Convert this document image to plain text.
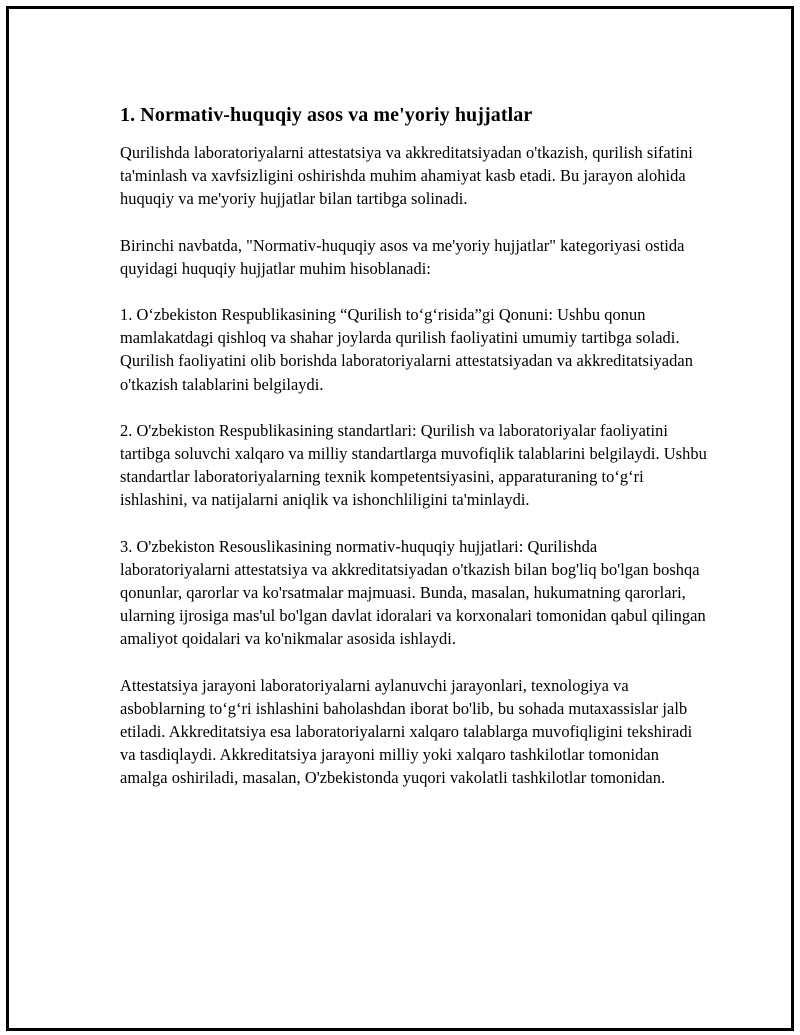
1. Normativ-huquqiy asos va me'yoriy hujjatlar

Qurilishda laboratoriyalarni attestatsiya va akkreditatsiyadan o'tkazish, qurilish sifatini ta'minlash va xavfsizligini oshirishda muhim ahamiyat kasb etadi. Bu jarayon alohida huquqiy va me'yoriy hujjatlar bilan tartibga solinadi.

Birinchi navbatda, "Normativ-huquqiy asos va me'yoriy hujjatlar" kategoriyasi ostida quyidagi huquqiy hujjatlar muhim hisoblanadi:

1. O‘zbekiston Respublikasining “Qurilish to‘g‘risida”gi Qonuni: Ushbu qonun mamlakatdagi qishloq va shahar joylarda qurilish faoliyatini umumiy tartibga soladi. Qurilish faoliyatini olib borishda laboratoriyalarni attestatsiyadan va akkreditatsiyadan o'tkazish talablarini belgilaydi.

2. O'zbekiston Respublikasining standartlari: Qurilish va laboratoriyalar faoliyatini tartibga soluvchi xalqaro va milliy standartlarga muvofiqlik talablarini belgilaydi. Ushbu standartlar laboratoriyalarning texnik kompetentsiyasini, apparaturaning to‘g‘ri ishlashini, va natijalarni aniqlik va ishonchliligini ta'minlaydi.

3. O'zbekiston Resouslikasining normativ-huquqiy hujjatlari: Qurilishda laboratoriyalarni attestatsiya va akkreditatsiyadan o'tkazish bilan bog'liq bo'lgan boshqa qonunlar, qarorlar va ko'rsatmalar majmuasi. Bunda, masalan, hukumatning qarorlari, ularning ijrosiga mas'ul bo'lgan davlat idoralari va korxonalari tomonidan qabul qilingan amaliyot qoidalari va ko'nikmalar asosida ishlaydi.

Attestatsiya jarayoni laboratoriyalarni aylanuvchi jarayonlari, texnologiya va asboblarning to‘g‘ri ishlashini baholashdan iborat bo'lib, bu sohada mutaxassislar jalb etiladi. Akkreditatsiya esa laboratoriyalarni xalqaro talablarga muvofiqligini tekshiradi va tasdiqlaydi. Akkreditatsiya jarayoni milliy yoki xalqaro tashkilotlar tomonidan amalga oshiriladi, masalan, O'zbekistonda yuqori vakolatli tashkilotlar tomonidan.
